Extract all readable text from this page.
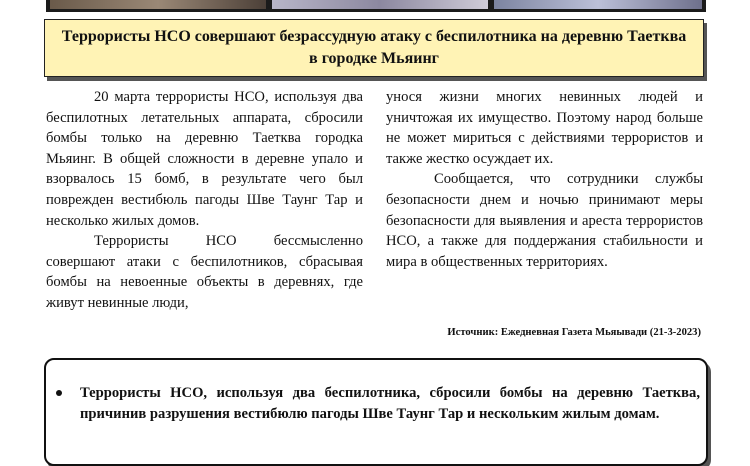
Террористы НСО совершают безрассудную атаку с беспилотника на деревню Таетква в городке Мьяинг

20 марта террористы НСО, используя два беспилотных летательных аппарата, сбросили бомбы только на деревню Таетква городка Мьяинг. В общей сложности в деревне упало и взорвалось 15 бомб, в результате чего был поврежден вестибюль пагоды Шве Таунг Тар и несколько жилых домов.

Террористы НСО бессмысленно совершают атаки с беспилотников, сбрасывая бомбы на невоенные объекты в деревнях, где живут невинные люди,

унося жизни многих невинных людей и уничтожая их имущество. Поэтому народ больше не может мириться с действиями террористов и также жестко осуждает их.

Сообщается, что сотрудники службы безопасности днем и ночью принимают меры безопасности для выявления и ареста террористов НСО, а также для поддержания стабильности и мира в общественных территориях.

Источник: Ежедневная Газета Мьяывади (21-3-2023)
Террористы НСО, используя два беспилотника, сбросили бомбы на деревню Таетква, причинив разрушения вестибюлю пагоды Шве Таунг Тар и нескольким жилым домам.
